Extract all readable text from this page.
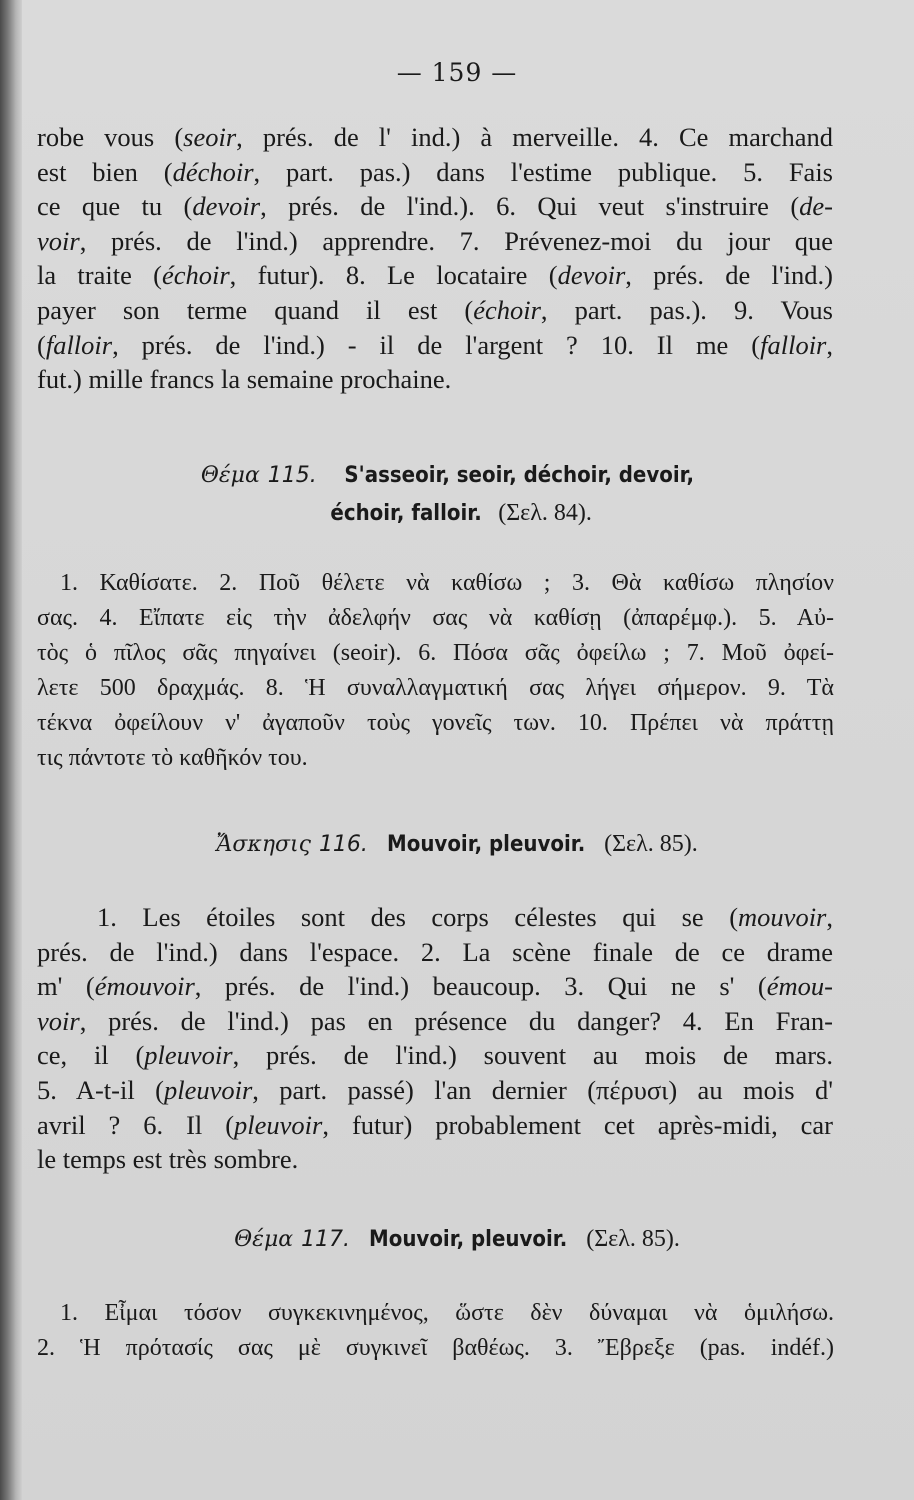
— 159 —
robe vous (seoir, prés. de l' ind.) à merveille. 4. Ce marchand
est bien (déchoir, part. pas.) dans l'estime publique. 5. Fais
ce que tu (devoir, prés. de l'ind.). 6. Qui veut s'instruire (de-
voir, prés. de l'ind.) apprendre. 7. Prévenez-moi du jour que
la traite (échoir, futur). 8. Le locataire (devoir, prés. de l'ind.)
payer son terme quand il est (échoir, part. pas.). 9. Vous
(falloir, prés. de l'ind.) - il de l'argent ? 10. Il me (falloir,
fut.) mille francs la semaine prochaine.
Θέμα 115. S'asseoir, seoir, déchoir, devoir,
échoir, falloir. (Σελ. 84).
1. Καθίσατε. 2. Ποῦ θέλετε νὰ καθίσω ; 3. Θὰ καθίσω πλησίον
σας. 4. Εἴπατε εἰς τὴν ἀδελφήν σας νὰ καθίσῃ (ἀπαρέμφ.). 5. Αὐ-
τὸς ὁ πῖλος σᾶς πηγαίνει (seoir). 6. Πόσα σᾶς ὀφείλω ; 7. Μοῦ ὀφεί-
λετε 500 δραχμάς. 8. Ἡ συναλλαγματική σας λήγει σήμερον. 9. Τὰ
τέκνα ὀφείλουν ν' ἀγαποῦν τοὺς γονεῖς των. 10. Πρέπει νὰ πράττῃ
τις πάντοτε τὸ καθῆκόν του.
Ἄσκησις 116. Mouvoir, pleuvoir. (Σελ. 85).
1. Les étoiles sont des corps célestes qui se (mouvoir,
prés. de l'ind.) dans l'espace. 2. La scène finale de ce drame
m' (émouvoir, prés. de l'ind.) beaucoup. 3. Qui ne s' (émou-
voir, prés. de l'ind.) pas en présence du danger? 4. En Fran-
ce, il (pleuvoir, prés. de l'ind.) souvent au mois de mars.
5. A-t-il (pleuvoir, part. passé) l'an dernier (πέρυσι) au mois d'
avril ? 6. Il (pleuvoir, futur) probablement cet après-midi, car
le temps est très sombre.
Θέμα 117. Mouvoir, pleuvoir. (Σελ. 85).
1. Εἶμαι τόσον συγκεκινημένος, ὥστε δὲν δύναμαι νὰ ὁμιλήσω.
2. Ἡ πρότασίς σας μὲ συγκινεῖ βαθέως. 3. Ἔβρεξε (pas. indéf.)
